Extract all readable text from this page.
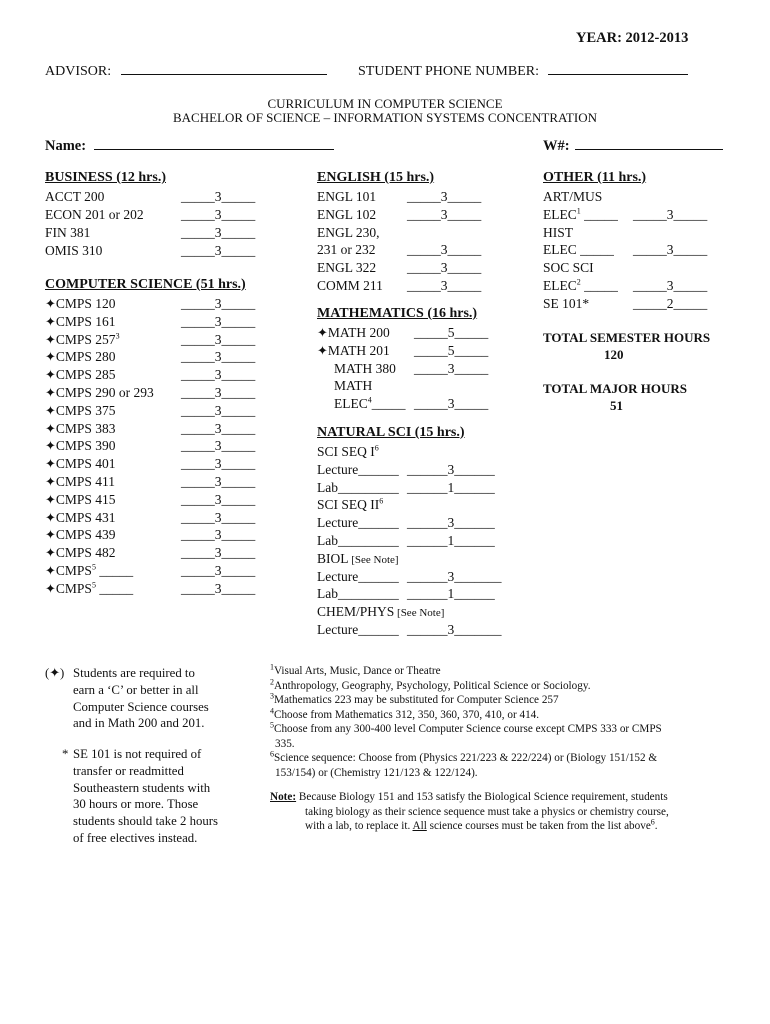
YEAR: 2012-2013
ADVISOR:	STUDENT PHONE NUMBER:
CURRICULUM IN COMPUTER SCIENCE
BACHELOR OF SCIENCE – INFORMATION SYSTEMS CONCENTRATION
Name:	W#:
BUSINESS (12 hrs.)
ACCT 200	_____3_____
ECON 201 or 202	_____3_____
FIN 381	_____3_____
OMIS 310	_____3_____
COMPUTER SCIENCE (51 hrs.)
✦CMPS 120	_____3_____
✦CMPS 161	_____3_____
✦CMPS $257^3$	_____3_____
✦CMPS 280	_____3_____
✦CMPS 285	_____3_____
✦CMPS 290 or 293 _____3_____
✦CMPS 375	_____3_____
✦CMPS 383	_____3_____
✦CMPS 390	_____3_____
✦CMPS 401	_____3_____
✦CMPS 411	_____3_____
✦CMPS 415	_____3_____
✦CMPS 431	_____3_____
✦CMPS 439	_____3_____
✦CMPS 482	_____3_____
✦CMPS$^5$ _____	_____3_____
✦CMPS$^5$ _____	_____3_____
ENGLISH (15 hrs.)
ENGL 101 _____3_____
ENGL 102 _____3_____
ENGL 230,
231 or 232 _____3_____
ENGL 322 _____3_____
COMM 211 _____3_____
MATHEMATICS (16 hrs.)
✦MATH 200 _____5_____
✦MATH 201 _____5_____
MATH 380 _____3_____
MATH
ELEC$^4$_____ _____3_____
NATURAL SCI (15 hrs.)
SCI SEQ $I^6$
Lecture______ ______3______
Lab_________ ______1______
SCI SEQ $II^6$
Lecture______ ______3______
Lab_________ ______1______
BIOL [See Note]
Lecture______ ______3_______
Lab_________ ______1______
CHEM/PHYS [See Note]
Lecture______ ______3_______
OTHER (11 hrs.)
ART/MUS
ELEC$^1$ _____ _____3_____
HIST
ELEC _____ _____3_____
SOC SCI
ELEC$^2$ _____ _____3_____
SE 101*	_____2_____
TOTAL SEMESTER HOURS
120
TOTAL MAJOR HOURS
51
(✦) Students are required to
earn a ‘C’ or better in all
Computer Science courses
and in Math 200 and 201.
* SE 101 is not required of
transfer or readmitted
Southeastern students with
30 hours or more. Those
students should take 2 hours
of free electives instead.
$^1$Visual Arts, Music, Dance or Theatre
$^2$Anthropology, Geography, Psychology, Political Science or Sociology.
$^3$Mathematics 223 may be substituted for Computer Science 257
$^4$Choose from Mathematics 312, 350, 360, 370, 410, or 414.
$^5$Choose from any 300-400 level Computer Science course except CMPS 333 or CMPS
335.
$^6$Science sequence: Choose from (Physics 221/223 & 222/224) or (Biology 151/152 &
153/154) or (Chemistry 121/123 & 122/124).
Note: Because Biology 151 and 153 satisfy the Biological Science requirement, students
taking biology as their science sequence must take a physics or chemistry course,
with a lab, to replace it. All science courses must be taken from the list above$^6$.
